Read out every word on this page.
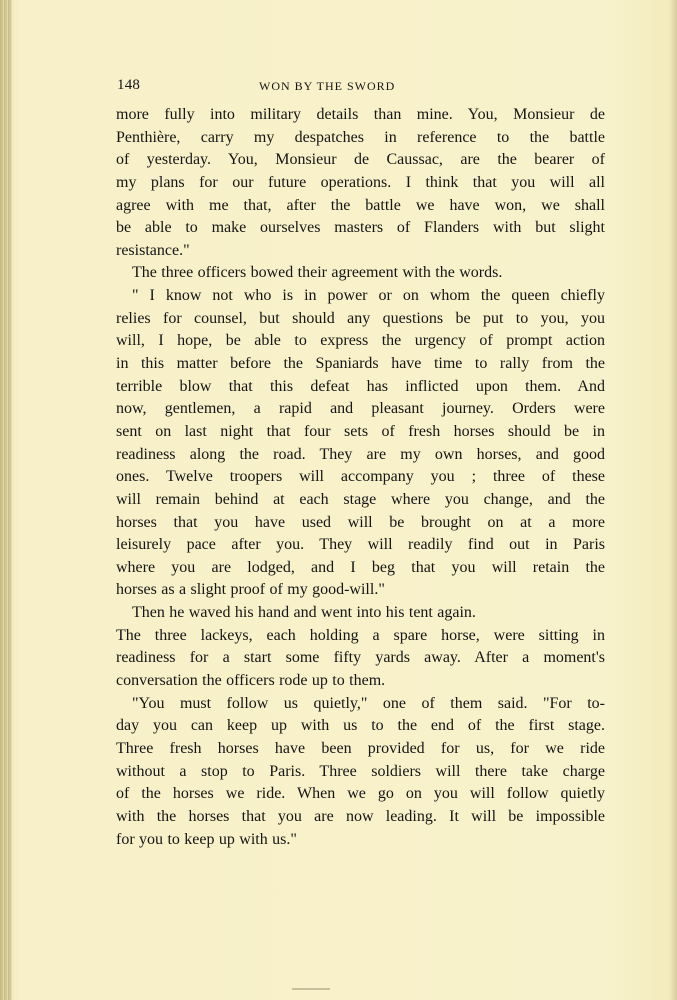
148	WON BY THE SWORD
more fully into military details than mine. You, Monsieur de
Penthière, carry my despatches in reference to the battle
of yesterday. You, Monsieur de Caussac, are the bearer of
my plans for our future operations. I think that you will all
agree with me that, after the battle we have won, we shall
be able to make ourselves masters of Flanders with but slight
resistance."
The three officers bowed their agreement with the words.
" I know not who is in power or on whom the queen chiefly
relies for counsel, but should any questions be put to you, you
will, I hope, be able to express the urgency of prompt action
in this matter before the Spaniards have time to rally from the
terrible blow that this defeat has inflicted upon them. And
now, gentlemen, a rapid and pleasant journey. Orders were
sent on last night that four sets of fresh horses should be in
readiness along the road. They are my own horses, and good
ones. Twelve troopers will accompany you ; three of these
will remain behind at each stage where you change, and the
horses that you have used will be brought on at a more
leisurely pace after you. They will readily find out in Paris
where you are lodged, and I beg that you will retain the
horses as a slight proof of my good-will."
Then he waved his hand and went into his tent again.
The three lackeys, each holding a spare horse, were sitting in
readiness for a start some fifty yards away. After a moment's
conversation the officers rode up to them.
"You must follow us quietly," one of them said. "For to-
day you can keep up with us to the end of the first stage.
Three fresh horses have been provided for us, for we ride
without a stop to Paris. Three soldiers will there take charge
of the horses we ride. When we go on you will follow quietly
with the horses that you are now leading. It will be impossible
for you to keep up with us."
